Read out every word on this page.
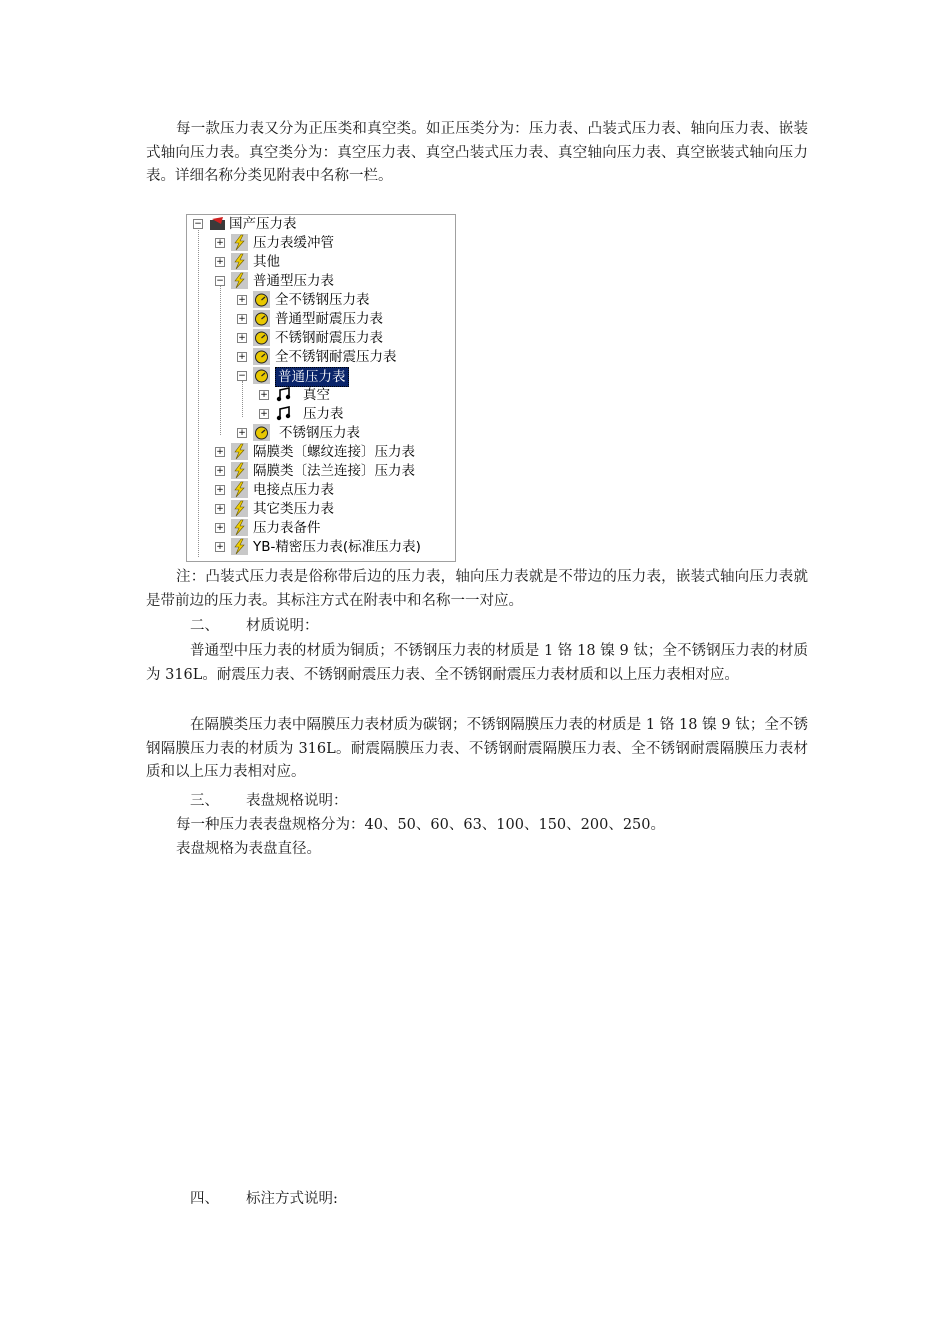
每一款压力表又分为正压类和真空类。如正压类分为：压力表、凸装式压力表、轴向压力表、嵌装式轴向压力表。真空类分为：真空压力表、真空凸装式压力表、真空轴向压力表、真空嵌装式轴向压力表。详细名称分类见附表中名称一栏。

− 国产压力表
+ 压力表缓冲管
+ 其他
− 普通型压力表
+ 全不锈钢压力表
+ 普通型耐震压力表
+ 不锈钢耐震压力表
+ 全不锈钢耐震压力表
− 普通压力表
+	真空
+	压力表
+ 不锈钢压力表
+ 隔膜类〔螺纹连接〕压力表
+ 隔膜类〔法兰连接〕压力表
+ 电接点压力表
+ 其它类压力表
+ 压力表备件
+ YB-精密压力表(标准压力表)

注：凸装式压力表是俗称带后边的压力表，轴向压力表就是不带边的压力表，嵌装式轴向压力表就是带前边的压力表。其标注方式在附表中和名称一一对应。

二、 材质说明：

普通型中压力表的材质为铜质；不锈钢压力表的材质是 1 铬 18 镍 9 钛；全不锈钢压力表的材质为 316L。耐震压力表、不锈钢耐震压力表、全不锈钢耐震压力表材质和以上压力表相对应。

在隔膜类压力表中隔膜压力表材质为碳钢；不锈钢隔膜压力表的材质是 1 铬 18 镍 9 钛；全不锈钢隔膜压力表的材质为 316L。耐震隔膜压力表、不锈钢耐震隔膜压力表、全不锈钢耐震隔膜压力表材质和以上压力表相对应。

三、 表盘规格说明：

每一种压力表表盘规格分为：40、50、60、63、100、150、200、250。

表盘规格为表盘直径。

四、 标注方式说明:
